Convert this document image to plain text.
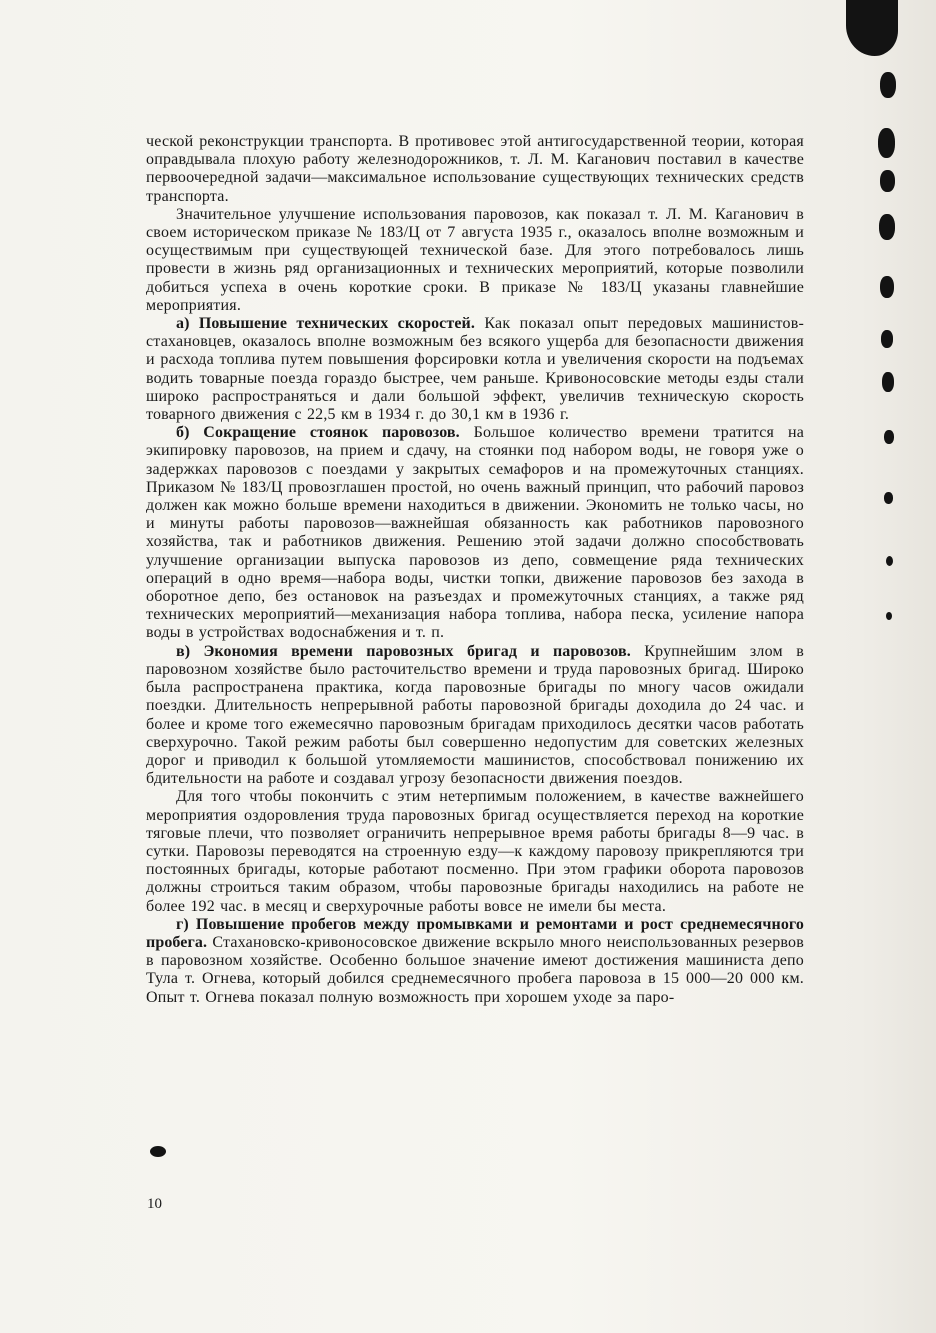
ческой реконструкции транспорта. В противовес этой антигосударственной теории, которая оправдывала плохую работу железнодорожников, т. Л. М. Каганович поставил в качестве первоочередной задачи—максимальное использование существующих технических средств транспорта.

Значительное улучшение использования паровозов, как показал т. Л. М. Каганович в своем историческом приказе № 183/Ц от 7 августа 1935 г., оказалось вполне возможным и осуществимым при существующей технической базе. Для этого потребовалось лишь провести в жизнь ряд организационных и технических мероприятий, которые позволили добиться успеха в очень короткие сроки. В приказе № 183/Ц указаны главнейшие мероприятия.

а) Повышение технических скоростей. Как показал опыт передовых машинистов-стахановцев, оказалось вполне возможным без всякого ущерба для безопасности движения и расхода топлива путем повышения форсировки котла и увеличения скорости на подъемах водить товарные поезда гораздо быстрее, чем раньше. Кривоносовские методы езды стали широко распространяться и дали большой эффект, увеличив техническую скорость товарного движения с 22,5 км в 1934 г. до 30,1 км в 1936 г.

б) Сокращение стоянок паровозов. Большое количество времени тратится на экипировку паровозов, на прием и сдачу, на стоянки под набором воды, не говоря уже о задержках паровозов с поездами у закрытых семафоров и на промежуточных станциях. Приказом № 183/Ц провозглашен простой, но очень важный принцип, что рабочий паровоз должен как можно больше времени находиться в движении. Экономить не только часы, но и минуты работы паровозов—важнейшая обязанность как работников паровозного хозяйства, так и работников движения. Решению этой задачи должно способствовать улучшение организации выпуска паровозов из депо, совмещение ряда технических операций в одно время—набора воды, чистки топки, движение паровозов без захода в оборотное депо, без остановок на разъездах и промежуточных станциях, а также ряд технических мероприятий—механизация набора топлива, набора песка, усиление напора воды в устройствах водоснабжения и т. п.

в) Экономия времени паровозных бригад и паровозов. Крупнейшим злом в паровозном хозяйстве было расточительство времени и труда паровозных бригад. Широко была распространена практика, когда паровозные бригады по многу часов ожидали поездки. Длительность непрерывной работы паровозной бригады доходила до 24 час. и более и кроме того ежемесячно паровозным бригадам приходилось десятки часов работать сверхурочно. Такой режим работы был совершенно недопустим для советских железных дорог и приводил к большой утомляемости машинистов, способствовал понижению их бдительности на работе и создавал угрозу безопасности движения поездов.

Для того чтобы покончить с этим нетерпимым положением, в качестве важнейшего мероприятия оздоровления труда паровозных бригад осуществляется переход на короткие тяговые плечи, что позволяет ограничить непрерывное время работы бригады 8—9 час. в сутки. Паровозы переводятся на строенную езду—к каждому паровозу прикрепляются три постоянных бригады, которые работают посменно. При этом графики оборота паровозов должны строиться таким образом, чтобы паровозные бригады находились на работе не более 192 час. в месяц и сверхурочные работы вовсе не имели бы места.

г) Повышение пробегов между промывками и ремонтами и рост среднемесячного пробега. Стахановско-кривоносовское движение вскрыло много неиспользованных резервов в паровозном хозяйстве. Особенно большое значение имеют достижения машиниста депо Тула т. Огнева, который добился среднемесячного пробега паровоза в 15 000—20 000 км. Опыт т. Огнева показал полную возможность при хорошем уходе за паро-

10
